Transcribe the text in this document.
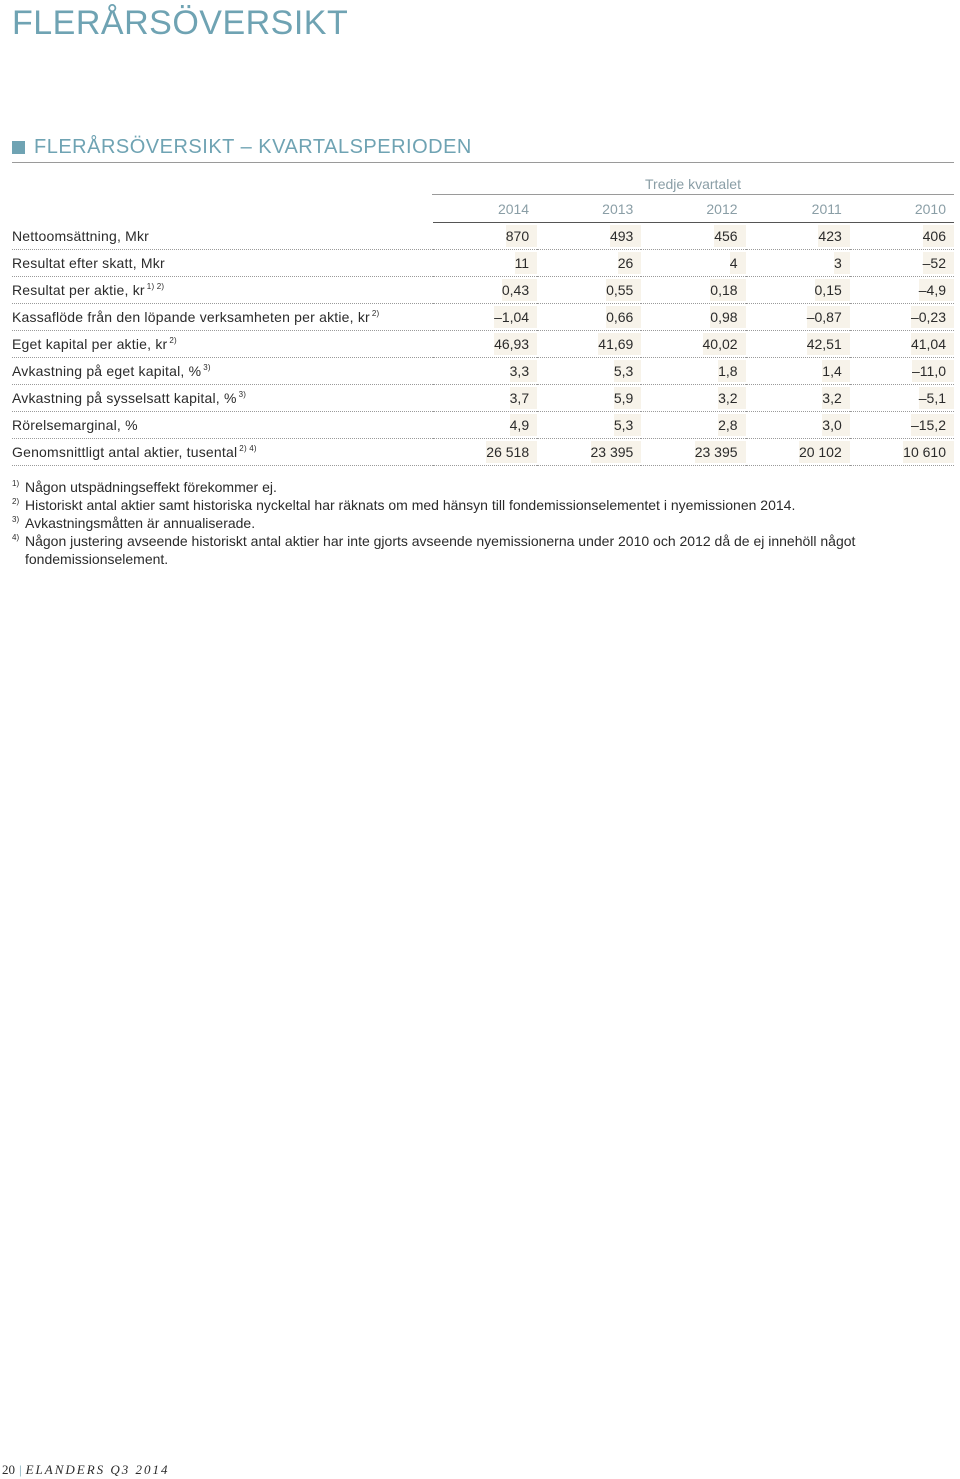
FLERÅRSÖVERSIKT
FLERÅRSÖVERSIKT – KVARTALSPERIODEN
Tredje kvartalet
	2014	2013	2012	2011	2010
Nettoomsättning, Mkr	870	493	456	423	406
Resultat efter skatt, Mkr	11	26	4	3	–52
Resultat per aktie, kr $^{1) 2)}$	0,43	0,55	0,18	0,15	–4,9
Kassaflöde från den löpande verksamheten per aktie, kr $^{2)}$	–1,04	0,66	0,98	–0,87	–0,23
Eget kapital per aktie, kr $^{2)}$	46,93	41,69	40,02	42,51	41,04
Avkastning på eget kapital, % $^{3)}$	3,3	5,3	1,8	1,4	–11,0
Avkastning på sysselsatt kapital, % $^{3)}$	3,7	5,9	3,2	3,2	–5,1
Rörelsemarginal, %	4,9	5,3	2,8	3,0	–15,2
Genomsnittligt antal aktier, tusental $^{2) 4)}$	26 518	23 395	23 395	20 102	10 610
1) Någon utspädningseffekt förekommer ej.
2) Historiskt antal aktier samt historiska nyckeltal har räknats om med hänsyn till fondemissionselementet i nyemissionen 2014.
3) Avkastningsmåtten är annualiserade.
4) Någon justering avseende historiskt antal aktier har inte gjorts avseende nyemissionerna under 2010 och 2012 då de ej innehöll något fondemissionselement.
20 | ELANDERS Q3 2014
